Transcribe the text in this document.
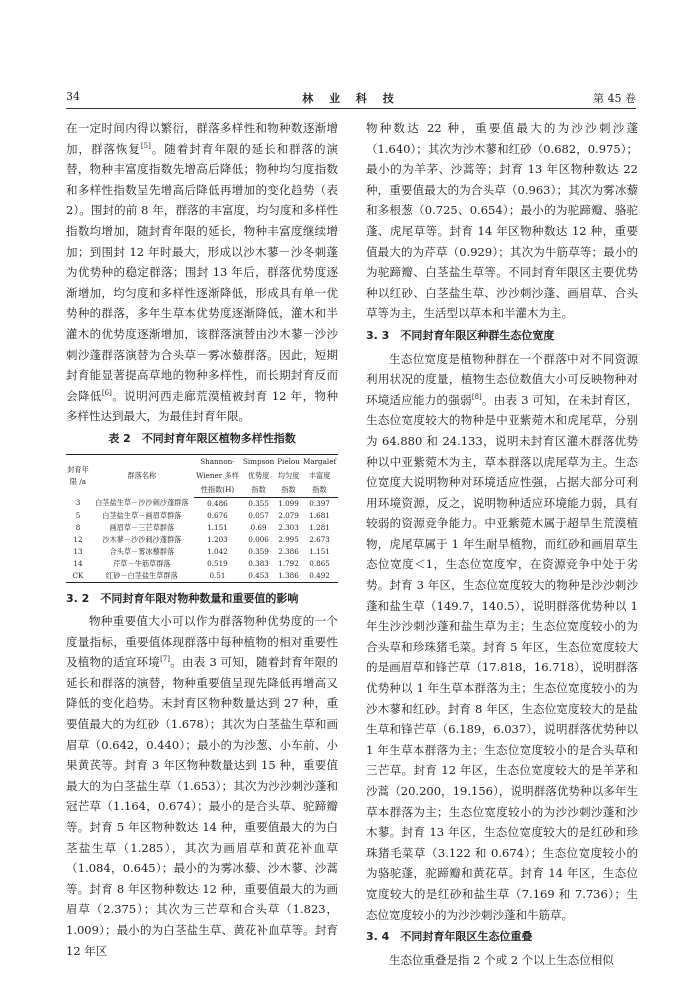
34	林 业 科 技	第 45 卷

在一定时间内得以繁衍，群落多样性和物种数逐渐增加，群落恢复[5]。随着封育年限的延长和群落的演替，物种丰富度指数先增高后降低；物种均匀度指数和多样性指数呈先增高后降低再增加的变化趋势（表 2）。围封的前 8 年，群落的丰富度，均匀度和多样性指数均增加，随封育年限的延长，物种丰富度继续增加；到围封 12 年时最大，形成以沙木蓼－沙冬刺蓬为优势种的稳定群落；围封 13 年后，群落优势度逐渐增加，均匀度和多样性逐渐降低，形成具有单一优势种的群落，多年生草本优势度逐渐降低，灌木和半灌木的优势度逐渐增加，该群落演替由沙木蓼－沙沙刺沙蓬群落演替为合头草－雾冰藜群落。因此，短期封育能显著提高草地的物种多样性，而长期封育反而会降低[6]。说明河西走廊荒漠植被封育 12 年，物种多样性达到最大，为最佳封育年限。

表 2　不同封育年限区植物多样性指数
封育年
限 /a	群落名称	Shannon-	Simpson	Pielou	Margalef
		Wiener 多样	优势度	均匀度	丰富度
		性指数(H)	指数	指数	指数
3	白茎盐生草－沙沙刺沙蓬群落	0.486	0.355	1.099	0.397
5	白茎盐生草－画眉草群落	0.676	0.057	2.079	1.681
8	画眉草－三芒草群落	1.151	0.69	2.303	1.281
12	沙木蓼－沙沙刺沙蓬群落	1.203	0.006	2.995	2.673
13	合头草－雾冰藜群落	1.042	0.359	2.386	1.151
14	芹草－牛筋草群落	0.519	0.383	1.792	0.865
CK	红砂－白茎盐生草群落	0.51	0.453	1.386	0.492
3. 2　不同封育年限对物种数量和重要值的影响

物种重要值大小可以作为群落物种优势度的一个度量指标，重要值体现群落中每种植物的相对重要性及植物的适宜环境[7]。由表 3 可知，随着封育年限的延长和群落的演替，物种重要值呈现先降低再增高又降低的变化趋势。未封育区物种数量达到 27 种，重要值最大的为红砂（1.678）；其次为白茎盐生草和画眉草（0.642，0.440）；最小的为沙葱、小车前、小果黄芪等。封育 3 年区物种数量达到 15 种，重要值最大的为白茎盐生草（1.653）；其次为沙沙刺沙蓬和冠芒草（1.164，0.674）；最小的是合头草、驼蹄瓣等。封育 5 年区物种数达 14 种，重要值最大的为白茎盐生草（1.285），其次为画眉草和黄花补血草（1.084，0.645）；最小的为雾冰藜、沙木蓼、沙蒿等。封育 8 年区物种数达 12 种，重要值最大的为画眉草（2.375）；其次为三芒草和合头草（1.823，1.009）；最小的为白茎盐生草、黄花补血草等。封育 12 年区

物种数达 22 种，重要值最大的为沙沙刺沙蓬（1.640）；其次为沙木蓼和红砂（0.682，0.975）；最小的为羊茅、沙蒿等；封育 13 年区物种数达 22 种，重要值最大的为合头草（0.963）；其次为雾冰藜和多根葱（0.725、0.654）；最小的为驼蹄瓣、骆驼蓬、虎尾草等。封育 14 年区物种数达 12 种，重要值最大的为芹草（0.929）；其次为牛筋草等；最小的为驼蹄瓣、白茎盐生草等。不同封育年限区主要优势种以红砂、白茎盐生草、沙沙刺沙蓬、画眉草、合头草等为主，生活型以草本和半灌木为主。

3. 3　不同封育年限区种群生态位宽度

生态位宽度是植物种群在一个群落中对不同资源利用状况的度量，植物生态位数值大小可反映物种对环境适应能力的强弱[8]。由表 3 可知，在未封育区，生态位宽度较大的物种是中亚紫菀木和虎尾草，分别为 64.880 和 24.133，说明未封育区灌木群落优势种以中亚紫菀木为主，草本群落以虎尾草为主。生态位宽度大说明物种对环境适应性强，占据大部分可利用环境资源，反之，说明物种适应环境能力弱，具有较弱的资源竞争能力。中亚紫菀木属于超旱生荒漠植物，虎尾草属于 1 年生耐旱植物，而红砂和画眉草生态位宽度＜1，生态位宽度窄，在资源竞争中处于劣势。封育 3 年区，生态位宽度较大的物种是沙沙刺沙蓬和盐生草（149.7，140.5），说明群落优势种以 1 年生沙沙刺沙蓬和盐生草为主；生态位宽度较小的为合头草和珍珠猪毛菜。封育 5 年区，生态位宽度较大的是画眉草和锋芒草（17.818，16.718），说明群落优势种以 1 年生草本群落为主；生态位宽度较小的为沙木蓼和红砂。封育 8 年区，生态位宽度较大的是盐生草和锋芒草（6.189，6.037），说明群落优势种以 1 年生草本群落为主；生态位宽度较小的是合头草和三芒草。封育 12 年区，生态位宽度较大的是羊茅和沙蒿（20.200，19.156），说明群落优势种以多年生草本群落为主；生态位宽度较小的为沙沙刺沙蓬和沙木蓼。封育 13 年区，生态位宽度较大的是红砂和珍珠猪毛菜草（3.122 和 0.674）；生态位宽度较小的为骆驼蓬，驼蹄瓣和黄花草。封育 14 年区，生态位宽度较大的是红砂和盐生草（7.169 和 7.736）；生态位宽度较小的为沙沙刺沙蓬和牛筋草。

3. 4　不同封育年限区生态位重叠

生态位重叠是指 2 个或 2 个以上生态位相似
